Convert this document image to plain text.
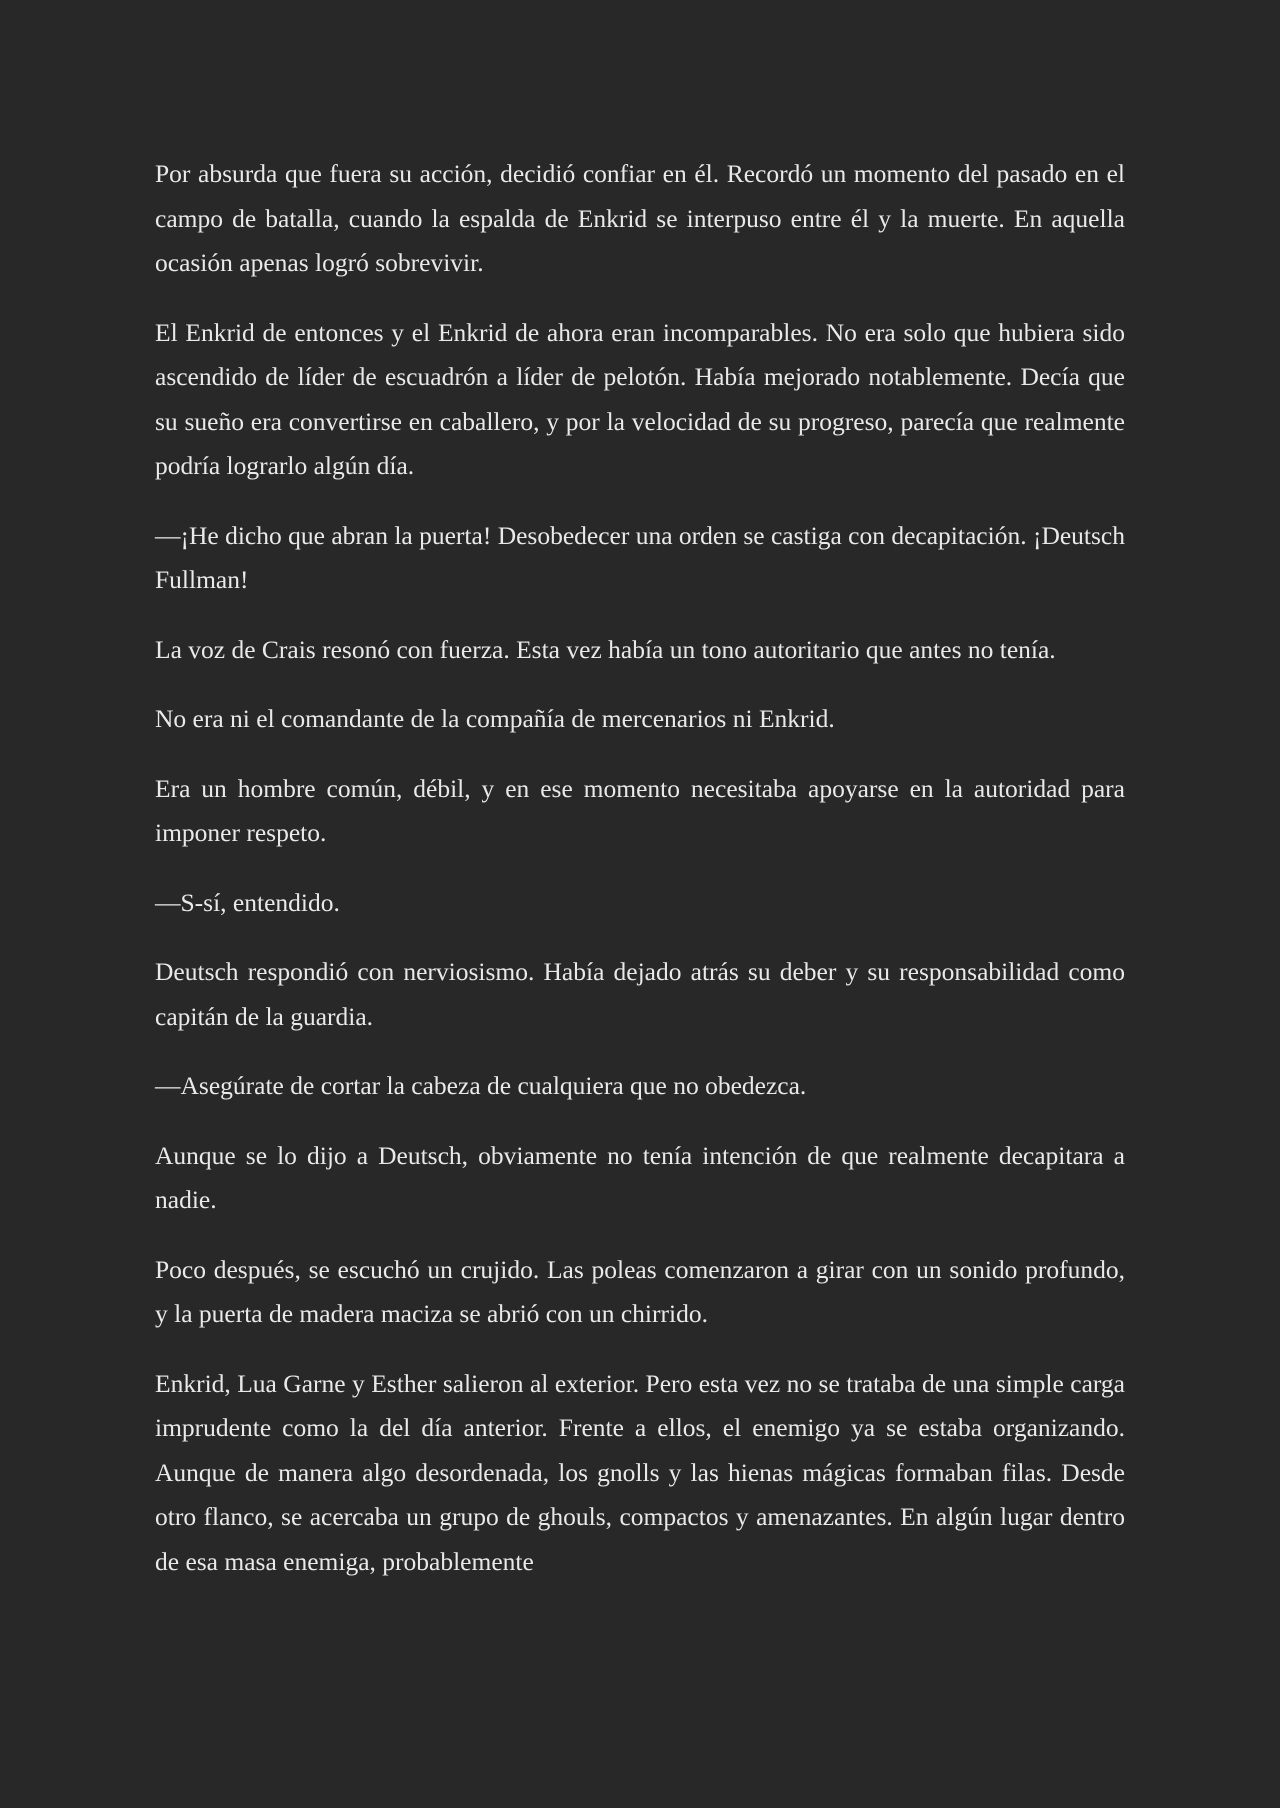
Por absurda que fuera su acción, decidió confiar en él. Recordó un momento del pasado en el campo de batalla, cuando la espalda de Enkrid se interpuso entre él y la muerte. En aquella ocasión apenas logró sobrevivir.

El Enkrid de entonces y el Enkrid de ahora eran incomparables. No era solo que hubiera sido ascendido de líder de escuadrón a líder de pelotón. Había mejorado notablemente. Decía que su sueño era convertirse en caballero, y por la velocidad de su progreso, parecía que realmente podría lograrlo algún día.

—¡He dicho que abran la puerta! Desobedecer una orden se castiga con decapitación. ¡Deutsch Fullman!

La voz de Crais resonó con fuerza. Esta vez había un tono autoritario que antes no tenía.

No era ni el comandante de la compañía de mercenarios ni Enkrid.

Era un hombre común, débil, y en ese momento necesitaba apoyarse en la autoridad para imponer respeto.

—S-sí, entendido.

Deutsch respondió con nerviosismo. Había dejado atrás su deber y su responsabilidad como capitán de la guardia.

—Asegúrate de cortar la cabeza de cualquiera que no obedezca.

Aunque se lo dijo a Deutsch, obviamente no tenía intención de que realmente decapitara a nadie.

Poco después, se escuchó un crujido. Las poleas comenzaron a girar con un sonido profundo, y la puerta de madera maciza se abrió con un chirrido.

Enkrid, Lua Garne y Esther salieron al exterior. Pero esta vez no se trataba de una simple carga imprudente como la del día anterior. Frente a ellos, el enemigo ya se estaba organizando. Aunque de manera algo desordenada, los gnolls y las hienas mágicas formaban filas. Desde otro flanco, se acercaba un grupo de ghouls, compactos y amenazantes. En algún lugar dentro de esa masa enemiga, probablemente
